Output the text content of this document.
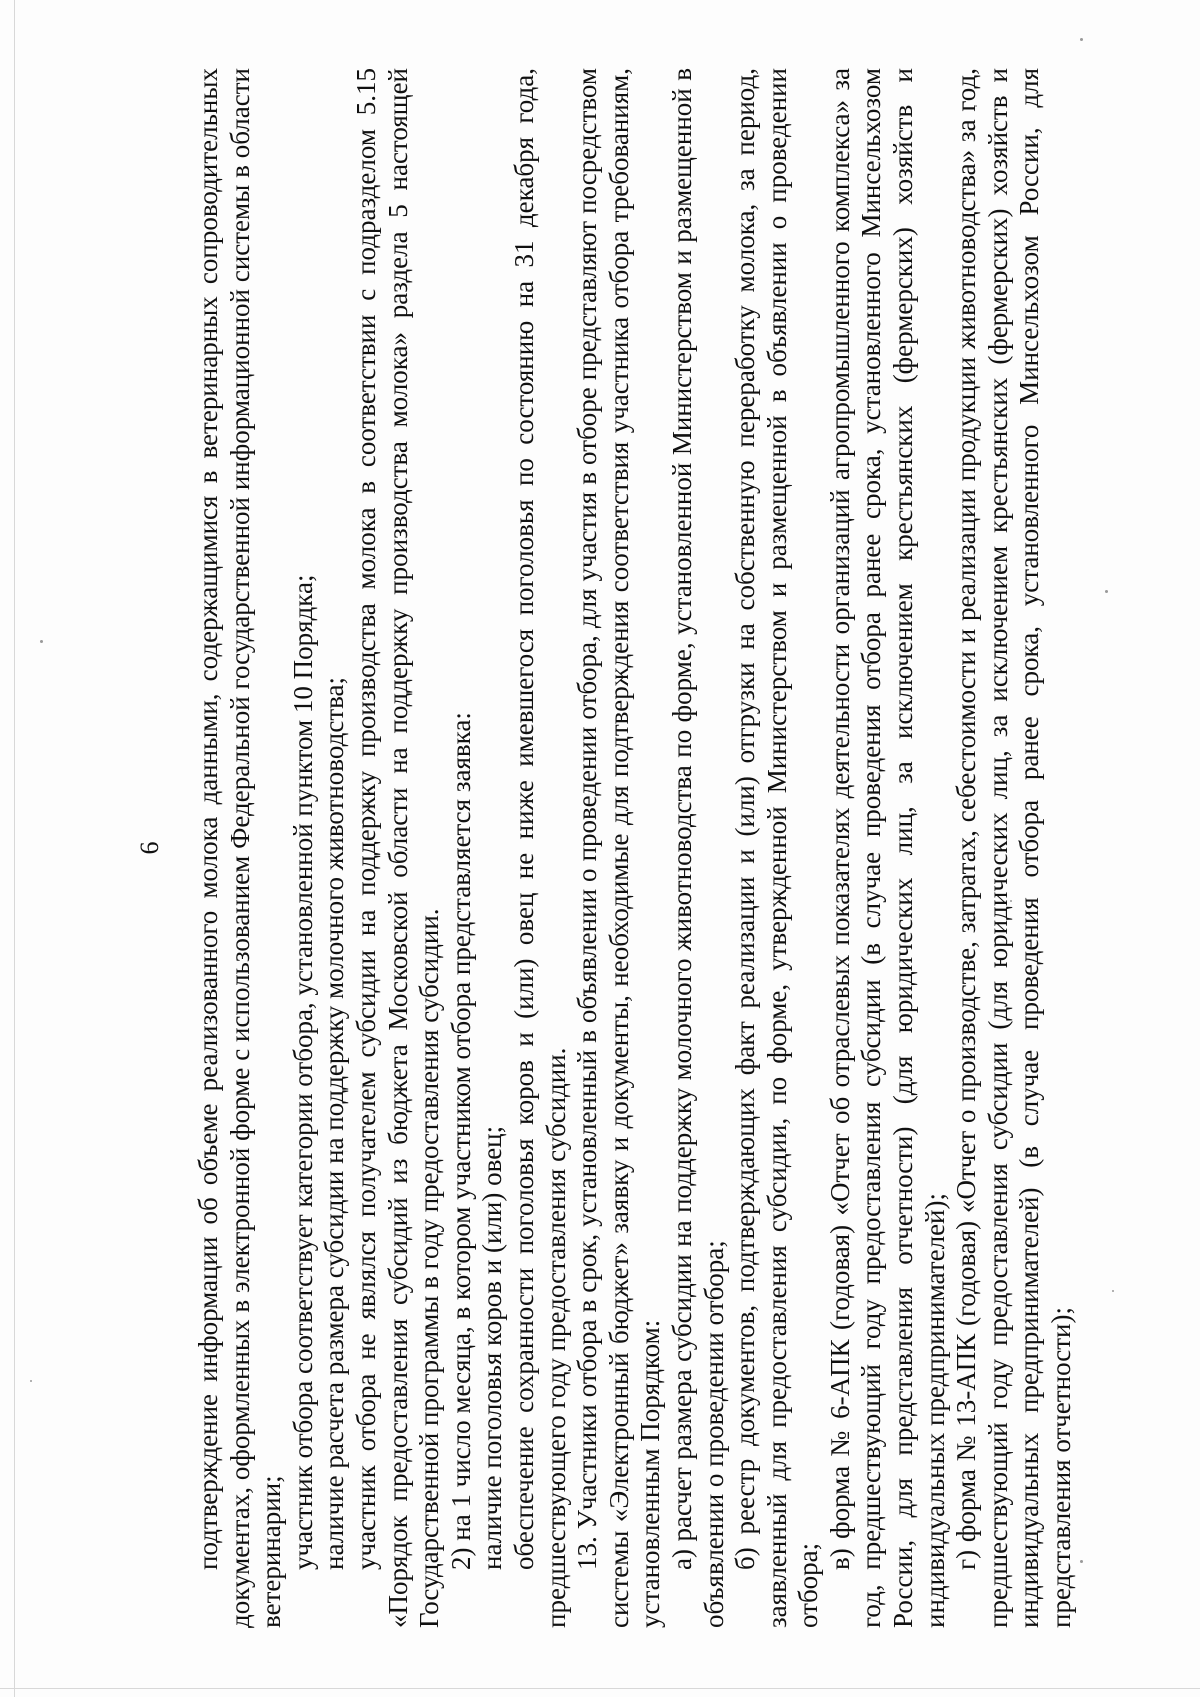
6 подтверждение информации об объеме реализованного молока данными, содержащимися в ветеринарных сопроводительных документах, оформленных в электронной форме с использованием Федеральной государственной информационной системы в области ветеринарии; участник отбора соответствует категории отбора, установленной пунктом 10 Порядка; наличие расчета размера субсидии на поддержку молочного животноводства; участник отбора не являлся получателем субсидии на поддержку производства молока в соответствии с подразделом 5.15 «Порядок предоставления субсидий из бюджета Московской области на поддержку производства молока» раздела 5 настоящей Государственной программы в году предоставления субсидии. 2) на 1 число месяца, в котором участником отбора представляется заявка: наличие поголовья коров и (или) овец; обеспечение сохранности поголовья коров и (или) овец не ниже имевшегося поголовья по состоянию на 31 декабря года, предшествующего году предоставления субсидии. 13. Участники отбора в срок, установленный в объявлении о проведении отбора, для участия в отборе представляют посредством системы «Электронный бюджет» заявку и документы, необходимые для подтверждения соответствия участника отбора требованиям, установленным Порядком: а) расчет размера субсидии на поддержку молочного животноводства по форме, установленной Министерством и размещенной в объявлении о проведении отбора; б) реестр документов, подтверждающих факт реализации и (или) отгрузки на собственную переработку молока, за период, заявленный для предоставления субсидии, по форме, утвержденной Министерством и размещенной в объявлении о проведении отбора;

в) форма № 6-АПК (годовая) «Отчет об отраслевых показателях деятельности организаций агропромышленного комплекса» за год, предшествующий году предоставления субсидии (в случае проведения отбора ранее срока, установленного Минсельхозом России, для представления отчетности) (для юридических лиц, за исключением крестьянских (фермерских) хозяйств и индивидуальных предпринимателей); г) форма № 13-АПК (годовая) «Отчет о производстве, затратах, себестоимости и реализации продукции животноводства» за год, предшествующий году предоставления субсидии (для юридических лиц, за исключением крестьянских (фермерских) хозяйств и индивидуальных предпринимателей) (в случае проведения отбора ранее срока, установленного Минсельхозом России, для представления отчетности);
